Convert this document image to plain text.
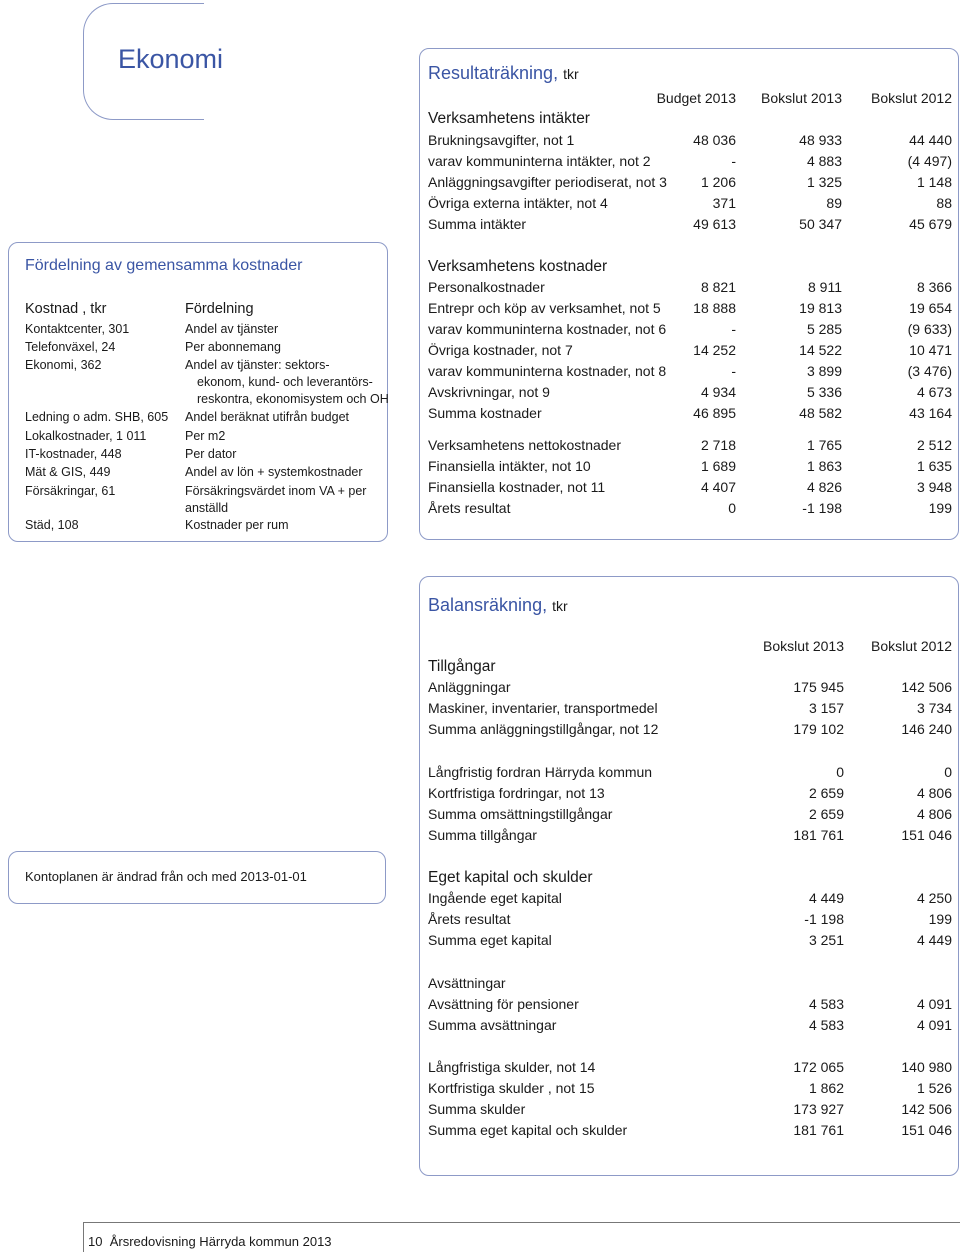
Ekonomi
Fördelning av gemensamma kostnader
Kostnad , tkr	Fördelning
Kontaktcenter, 301	Andel av tjänster
Telefonväxel, 24	Per abonnemang
Ekonomi, 362	Andel av tjänster: sektors-
ekonom, kund- och leverantörs-
reskontra, ekonomisystem och OH
Ledning o adm. SHB, 605 Andel beräknat utifrån budget
Lokalkostnader, 1 011	Per m2
IT-kostnader, 448	Per dator
Mät & GIS, 449	Andel av lön + systemkostnader
Försäkringar, 61	Försäkringsvärdet inom VA + per
anställd
Städ, 108	Kostnader per rum
Kontoplanen är ändrad från och med 2013-01-01
Resultaträkning, tkr
Budget 2013 Bokslut 2013 Bokslut 2012
Verksamhetens intäkter
Brukningsavgifter, not 1	48 036	48 933	44 440
varav kommuninterna intäkter, not 2	-	4 883	(4 497)
Anläggningsavgifter periodiserat, not 3 1 206	1 325	1 148
Övriga externa intäkter, not 4	371	89	88
Summa intäkter	49 613	50 347	45 679
Verksamhetens kostnader
Personalkostnader	8 821	8 911	8 366
Entrepr och köp av verksamhet, not 5 18 888	19 813	19 654
varav kommuninterna kostnader, not 6	-	5 285	(9 633)
Övriga kostnader, not 7	14 252	14 522	10 471
varav kommuninterna kostnader, not 8	-	3 899	(3 476)
Avskrivningar, not 9	4 934	5 336	4 673
Summa kostnader	46 895	48 582	43 164
Verksamhetens nettokostnader	2 718	1 765	2 512
Finansiella intäkter, not 10	1 689	1 863	1 635
Finansiella kostnader, not 11	4 407	4 826	3 948
Årets resultat	0	-1 198	199
Balansräkning, tkr
Bokslut 2013 Bokslut 2012
Tillgångar
Anläggningar	175 945	142 506
Maskiner, inventarier, transportmedel	3 157	3 734
Summa anläggningstillgångar, not 12	179 102	146 240
Långfristig fordran Härryda kommun	0	0
Kortfristiga fordringar, not 13	2 659	4 806
Summa omsättningstillgångar	2 659	4 806
Summa tillgångar	181 761	151 046
Ingående eget kapital	4 449	4 250
Årets resultat	-1 198	199
Summa eget kapital	3 251	4 449
Avsättning för pensioner	4 583	4 091
Summa avsättningar	4 583	4 091
Långfristiga skulder, not 14	172 065	140 980
Kortfristiga skulder , not 15	1 862	1 526
Summa skulder	173 927	142 506
Summa eget kapital och skulder	181 761	151 046
Eget kapital och skulder
Avsättningar
10 Årsredovisning Härryda kommun 2013
